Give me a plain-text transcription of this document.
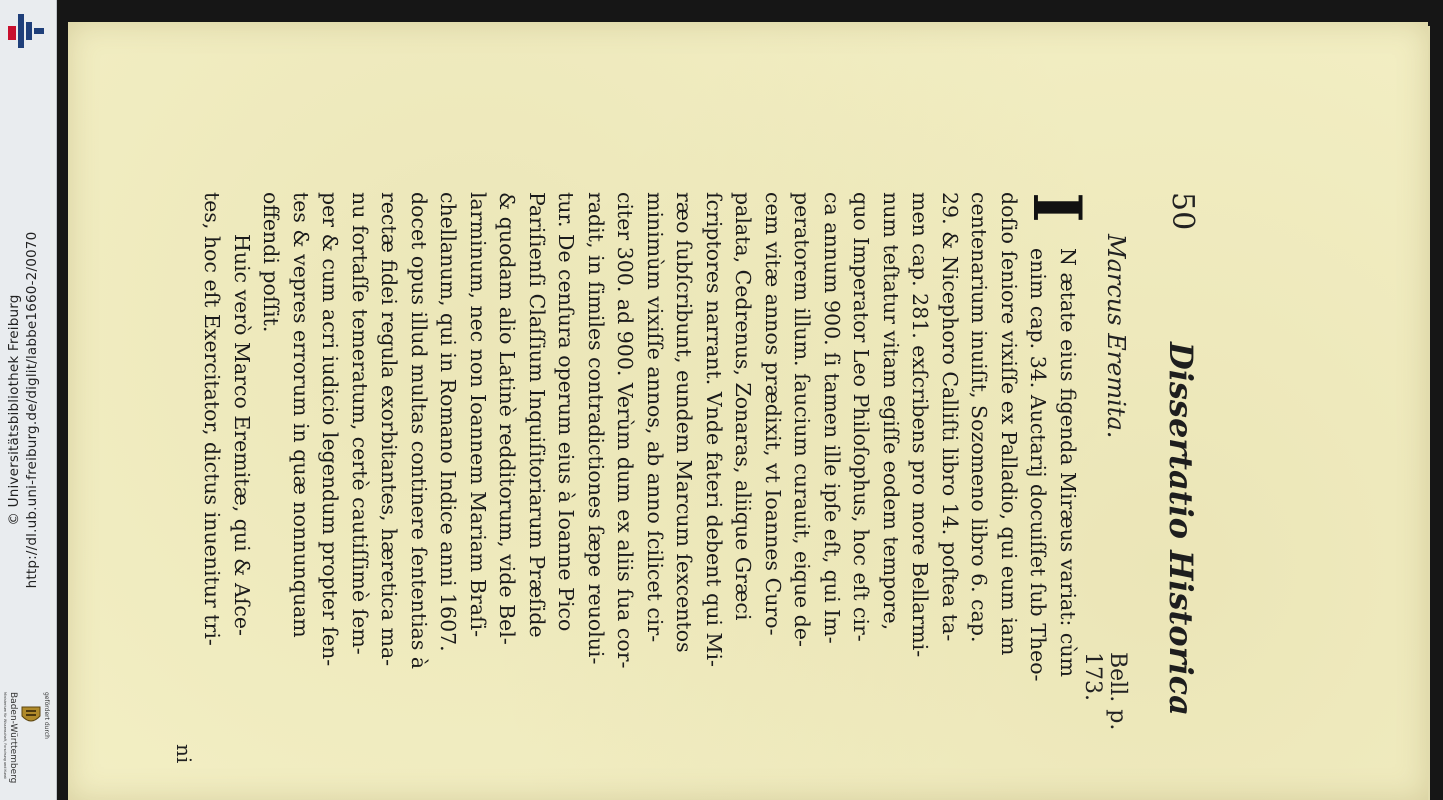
http://dl.ub.uni-freiburg.de/diglit/labbe1660-2/0070
© Universitätsbibliothek Freiburg
gefördert durch
Baden-Württemberg
Ministerium für Wissenschaft, Forschung und Kunst
50
Dissertatio Historica
Marcus Eremita.
Bell. p. 173.
I
N ætate eius figenda Miræus variat: cùm
enim cap. 34. Auctarij docuiſſet ſub Theo-
doſio ſeniore vixiſſe ex Palladio, qui eum iam
centenarium inuiſit, Sozomeno libro 6. cap.
29. & Nicephoro Calliſti libro 14. poſtea ta-
men cap. 281. exſcribens pro more Bellarmi-
num teſtatur vitam egiſſe eodem tempore,
quo Imperator Leo Philoſophus, hoc eſt cir-
ca annum 900. ſi tamen ille ipſe eſt, qui Im-
peratorem illum. ſaucium curauit, eique de-
cem vitæ annos prædixit, vt Ioannes Curo-
palata, Cedrenus, Zonaras, aliique Græci
ſcriptores narrant. Vnde fateri debent qui Mi-
ræo ſubſcribunt, eundem Marcum ſexcentos
minimùm vixiſſe annos, ab anno ſcilicet cir-
citer 300. ad 900. Verùm dum ex aliis ſua cor-
radit, in ſimiles contradictiones ſæpe reuolui-
tur. De cenſura operum eius à Ioanne Pico
Pariſienſi Claſſium Inquiſitoriarum Præſide
& quodam alio Latinè redditorum, vide Bel-
larminum, nec non Ioannem Mariam Braſi-
chellanum, qui in Romano Indice anni 1607.
docet opus illud multas continere ſententias à
rectæ fidei regula exorbitantes, hæretica ma-
nu fortaſſe temeratum, certè cautiſſimè ſem-
per & cum acri iudicio legendum propter ſen-
tes & vepres errorum in quæ nonnunquam
offendi poſſit.
Huic verò Marco Eremitæ, qui & Aſce-
tes, hoc eſt Exercitator, dictus inuenitur tri-
ni
